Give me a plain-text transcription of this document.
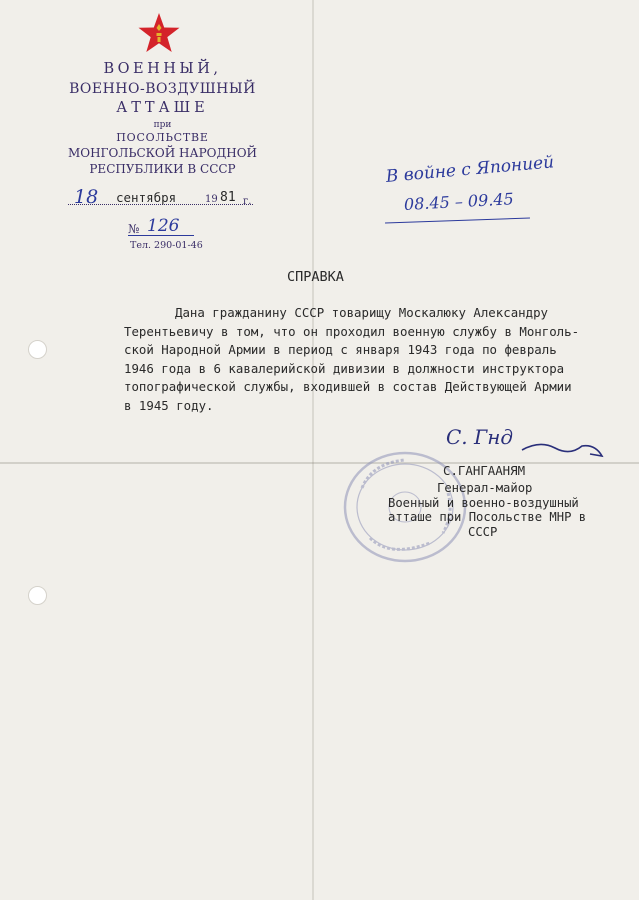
ВОЕННЫЙ,
ВОЕННО-ВОЗДУШНЫЙ
АТТАШЕ
при
ПОСОЛЬСТВЕ
МОНГОЛЬСКОЙ НАРОДНОЙ
РЕСПУБЛИКИ В СССР
18 сентября	19 81 г.
№ 126
Тел. 290-01-46
В войне с Японией
08.45 – 09.45
СПРАВКА

Дана гражданину СССР товарищу Москалюку Александру

Терентьевичу в том, что он проходил военную службу в Монголь-

ской Народной Армии в период с января 1943 года по февраль

1946 года в 6 кавалерийской дивизии в должности инструктора

топографической службы, входившей в состав Действующей Армии

в 1945 году.

С. Гнд
С.ГАНГААНЯМ

Генерал-майор

Военный и военно-воздушный

атташе при Посольстве МНР в

СССР
